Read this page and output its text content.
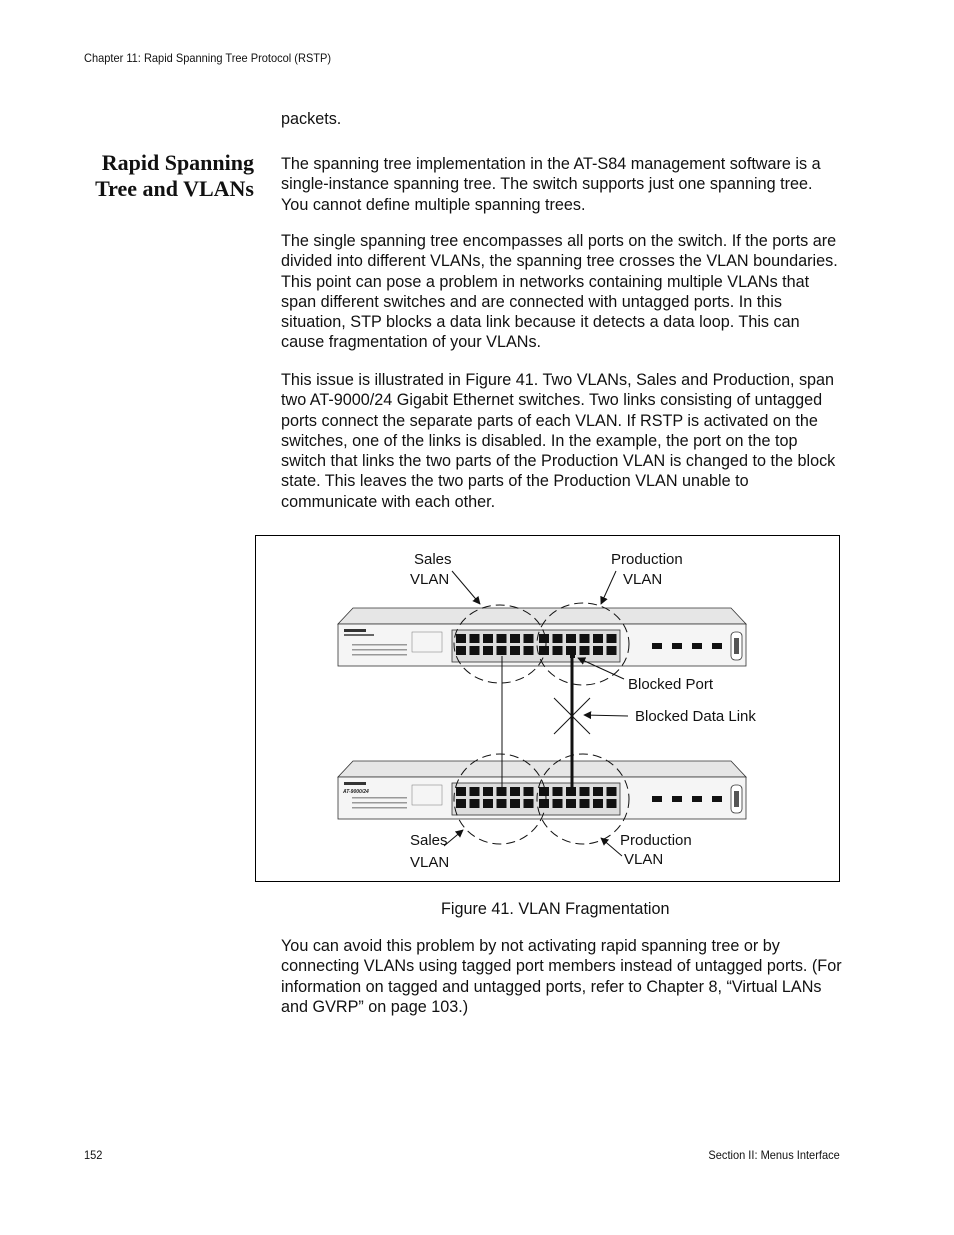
Chapter 11: Rapid Spanning Tree Protocol (RSTP)

packets.

Rapid Spanning
Tree and VLANs

The spanning tree implementation in the AT-S84 management software is a single-instance spanning tree. The switch supports just one spanning tree. You cannot define multiple spanning trees.

The single spanning tree encompasses all ports on the switch. If the ports are divided into different VLANs, the spanning tree crosses the VLAN boundaries. This point can pose a problem in networks containing multiple VLANs that span different switches and are connected with untagged ports. In this situation, STP blocks a data link because it detects a data loop. This can cause fragmentation of your VLANs.

This issue is illustrated in Figure 41. Two VLANs, Sales and Production, span two AT-9000/24 Gigabit Ethernet switches. Two links consisting of untagged ports connect the separate parts of each VLAN. If RSTP is activated on the switches, one of the links is disabled. In the example, the port on the top switch that links the two parts of the Production VLAN is changed to the block state. This leaves the two parts of the Production VLAN unable to communicate with each other.

AT-9000/24
Sales
VLAN
Production
VLAN
Blocked Port
Blocked Data Link
Sales
VLAN
Production
VLAN
Figure 41. VLAN Fragmentation

You can avoid this problem by not activating rapid spanning tree or by connecting VLANs using tagged port members instead of untagged ports. (For information on tagged and untagged ports, refer to Chapter 8, “Virtual LANs and GVRP” on page 103.)

152	Section II: Menus Interface
